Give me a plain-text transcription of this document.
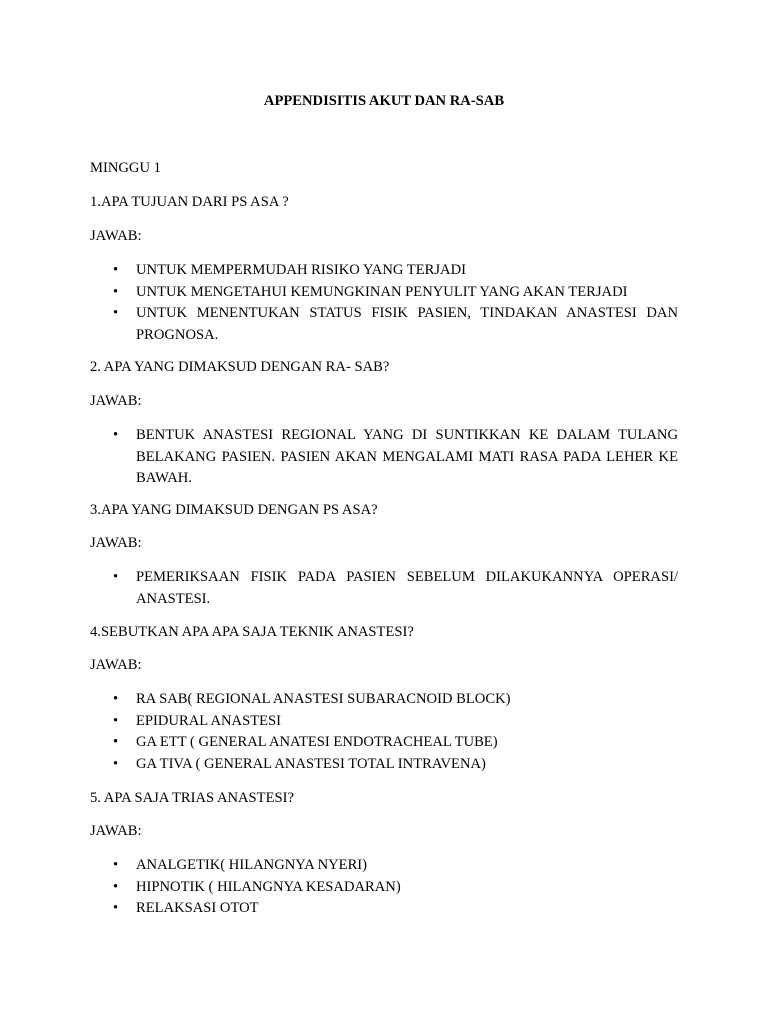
APPENDISITIS AKUT DAN RA-SAB
MINGGU 1
1.APA TUJUAN DARI PS ASA ?
JAWAB:
• UNTUK MEMPERMUDAH RISIKO YANG TERJADI
• UNTUK MENGETAHUI KEMUNGKINAN PENYULIT YANG AKAN TERJADI
• UNTUK MENENTUKAN STATUS FISIK PASIEN, TINDAKAN ANASTESI DAN PROGNOSA.
2. APA YANG DIMAKSUD DENGAN RA- SAB?
JAWAB:
• BENTUK ANASTESI REGIONAL YANG DI SUNTIKKAN KE DALAM TULANG BELAKANG PASIEN. PASIEN AKAN MENGALAMI MATI RASA PADA LEHER KE BAWAH.
3.APA YANG DIMAKSUD DENGAN PS ASA?
JAWAB:
• PEMERIKSAAN FISIK PADA PASIEN SEBELUM DILAKUKANNYA OPERASI/ ANASTESI.
4.SEBUTKAN APA APA SAJA TEKNIK ANASTESI?
JAWAB:
• RA SAB( REGIONAL ANASTESI SUBARACNOID BLOCK)
• EPIDURAL ANASTESI
• GA ETT ( GENERAL ANATESI ENDOTRACHEAL TUBE)
• GA TIVA ( GENERAL ANASTESI TOTAL INTRAVENA)
5. APA SAJA TRIAS ANASTESI?
JAWAB:
• ANALGETIK( HILANGNYA NYERI)
• HIPNOTIK ( HILANGNYA KESADARAN)
• RELAKSASI OTOT
